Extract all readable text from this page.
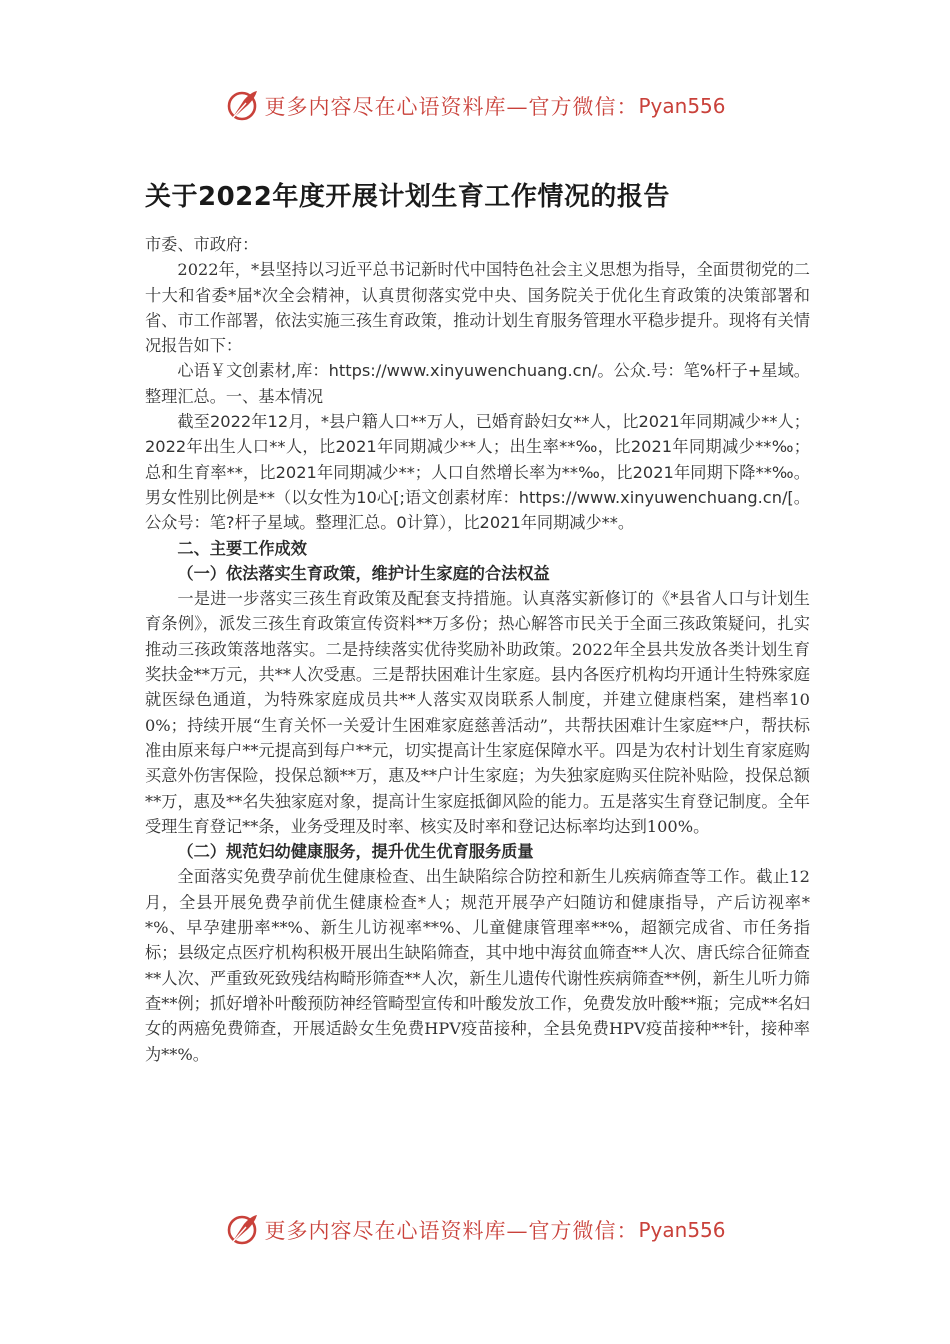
更多内容尽在心语资料库—官方微信： Pyan556
关于2022年度开展计划生育工作情况的报告

市委、市政府：

2022年，*县坚持以习近平总书记新时代中国特色社会主义思想为指导，全面贯彻党的二十大和省委*届*次全会精神，认真贯彻落实党中央、国务院关于优化生育政策的决策部署和省、市工作部署，依法实施三孩生育政策，推动计划生育服务管理水平稳步提升。现将有关情况报告如下：

心语￥文创素材,库：https://www.xinyuwenchuang.cn/。公众.号：笔%杆子+星域。整理汇总。一、基本情况

截至2022年12月，*县户籍人口**万人，已婚育龄妇女**人，比2021年同期减少**人；2022年出生人口**人，比2021年同期减少**人；出生率**‰，比2021年同期减少**‰；总和生育率**，比2021年同期减少**；人口自然增长率为**‰，比2021年同期下降**‰。男女性别比例是**（以女性为10心[;语文创素材库：https://www.xinyuwenchuang.cn/[。公众号：笔?杆子星域。整理汇总。0计算），比2021年同期减少**。

二、主要工作成效

（一）依法落实生育政策，维护计生家庭的合法权益

一是进一步落实三孩生育政策及配套支持措施。认真落实新修订的《*县省人口与计划生育条例》，派发三孩生育政策宣传资料**万多份；热心解答市民关于全面三孩政策疑问，扎实推动三孩政策落地落实。二是持续落实优待奖励补助政策。2022年全县共发放各类计划生育奖扶金**万元，共**人次受惠。三是帮扶困难计生家庭。县内各医疗机构均开通计生特殊家庭就医绿色通道，为特殊家庭成员共**人落实双岗联系人制度，并建立健康档案，建档率100%；持续开展“生育关怀一关爱计生困难家庭慈善活动”，共帮扶困难计生家庭**户，帮扶标准由原来每户**元提高到每户**元，切实提高计生家庭保障水平。四是为农村计划生育家庭购买意外伤害保险，投保总额**万，惠及**户计生家庭；为失独家庭购买住院补贴险，投保总额**万，惠及**名失独家庭对象，提高计生家庭抵御风险的能力。五是落实生育登记制度。全年受理生育登记**条，业务受理及时率、核实及时率和登记达标率均达到100%。

（二）规范妇幼健康服务，提升优生优育服务质量

全面落实免费孕前优生健康检查、出生缺陷综合防控和新生儿疾病筛查等工作。截止12月，全县开展免费孕前优生健康检查*人；规范开展孕产妇随访和健康指导，产后访视率**%、早孕建册率**%、新生儿访视率**%、儿童健康管理率**%，超额完成省、市任务指标；县级定点医疗机构积极开展出生缺陷筛查，其中地中海贫血筛查**人次、唐氏综合征筛查**人次、严重致死致残结构畸形筛查**人次，新生儿遗传代谢性疾病筛查**例，新生儿听力筛查**例；抓好增补叶酸预防神经管畸型宣传和叶酸发放工作，免费发放叶酸**瓶；完成**名妇女的两癌免费筛查，开展适龄女生免费HPV疫苗接种，全县免费HPV疫苗接种**针，接种率为**%。

更多内容尽在心语资料库—官方微信： Pyan556
